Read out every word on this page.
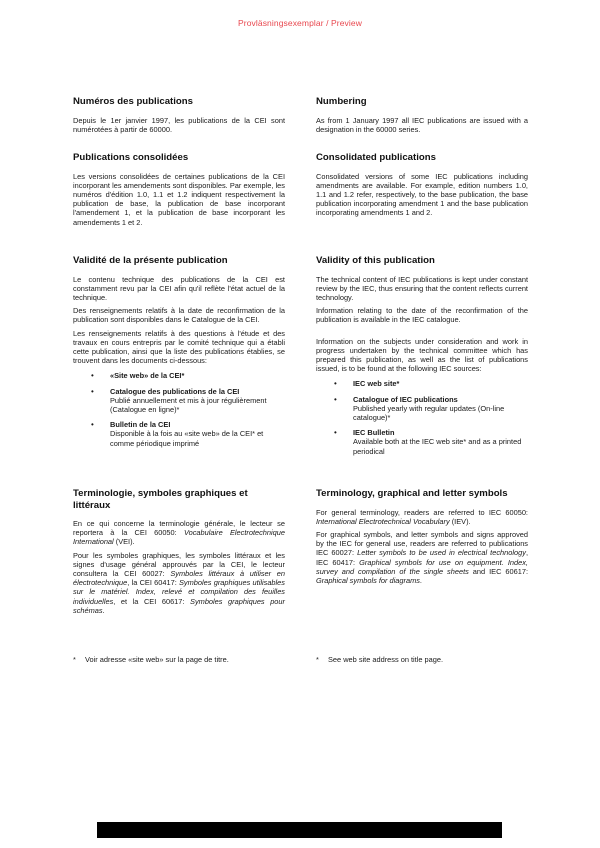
Provläsningsexemplar / Preview
Numéros des publications

Depuis le 1er janvier 1997, les publications de la CEI sont numérotées à partir de 60000.

Publications consolidées

Les versions consolidées de certaines publications de la CEI incorporant les amendements sont disponibles. Par exemple, les numéros d'édition 1.0, 1.1 et 1.2 indiquent respectivement la publication de base, la publication de base incorporant l'amendement 1, et la publication de base incorporant les amendements 1 et 2.

Validité de la présente publication

Le contenu technique des publications de la CEI est constamment revu par la CEI afin qu'il reflète l'état actuel de la technique.

Des renseignements relatifs à la date de reconfirmation de la publication sont disponibles dans le Catalogue de la CEI.

Les renseignements relatifs à des questions à l'étude et des travaux en cours entrepris par le comité technique qui a établi cette publication, ainsi que la liste des publications établies, se trouvent dans les documents ci-dessous:

• «Site web» de la CEI*
• Catalogue des publications de la CEI
Publié annuellement et mis à jour régulièrement (Catalogue en ligne)*
• Bulletin de la CEI
Disponible à la fois au «site web» de la CEI* et comme périodique imprimé
Terminologie, symboles graphiques et littéraux

En ce qui concerne la terminologie générale, le lecteur se reportera à la CEI 60050: Vocabulaire Electrotechnique International (VEI).

Pour les symboles graphiques, les symboles littéraux et les signes d'usage général approuvés par la CEI, le lecteur consultera la CEI 60027: Symboles littéraux à utiliser en électrotechnique, la CEI 60417: Symboles graphiques utilisables sur le matériel. Index, relevé et compilation des feuilles individuelles, et la CEI 60617: Symboles graphiques pour schémas.

* Voir adresse «site web» sur la page de titre.
Numbering

As from 1 January 1997 all IEC publications are issued with a designation in the 60000 series.

Consolidated publications

Consolidated versions of some IEC publications including amendments are available. For example, edition numbers 1.0, 1.1 and 1.2 refer, respectively, to the base publication, the base publication incorporating amendment 1 and the base publication incorporating amendments 1 and 2.

Validity of this publication

The technical content of IEC publications is kept under constant review by the IEC, thus ensuring that the content reflects current technology.

Information relating to the date of the reconfirmation of the publication is available in the IEC catalogue.

Information on the subjects under consideration and work in progress undertaken by the technical committee which has prepared this publication, as well as the list of publications issued, is to be found at the following IEC sources:

• IEC web site*
• Catalogue of IEC publications
Published yearly with regular updates (On-line catalogue)*
• IEC Bulletin
Available both at the IEC web site* and as a printed periodical
Terminology, graphical and letter symbols

For general terminology, readers are referred to IEC 60050: International Electrotechnical Vocabulary (IEV).

For graphical symbols, and letter symbols and signs approved by the IEC for general use, readers are referred to publications IEC 60027: Letter symbols to be used in electrical technology, IEC 60417: Graphical symbols for use on equipment. Index, survey and compilation of the single sheets and IEC 60617: Graphical symbols for diagrams.

* See web site address on title page.
